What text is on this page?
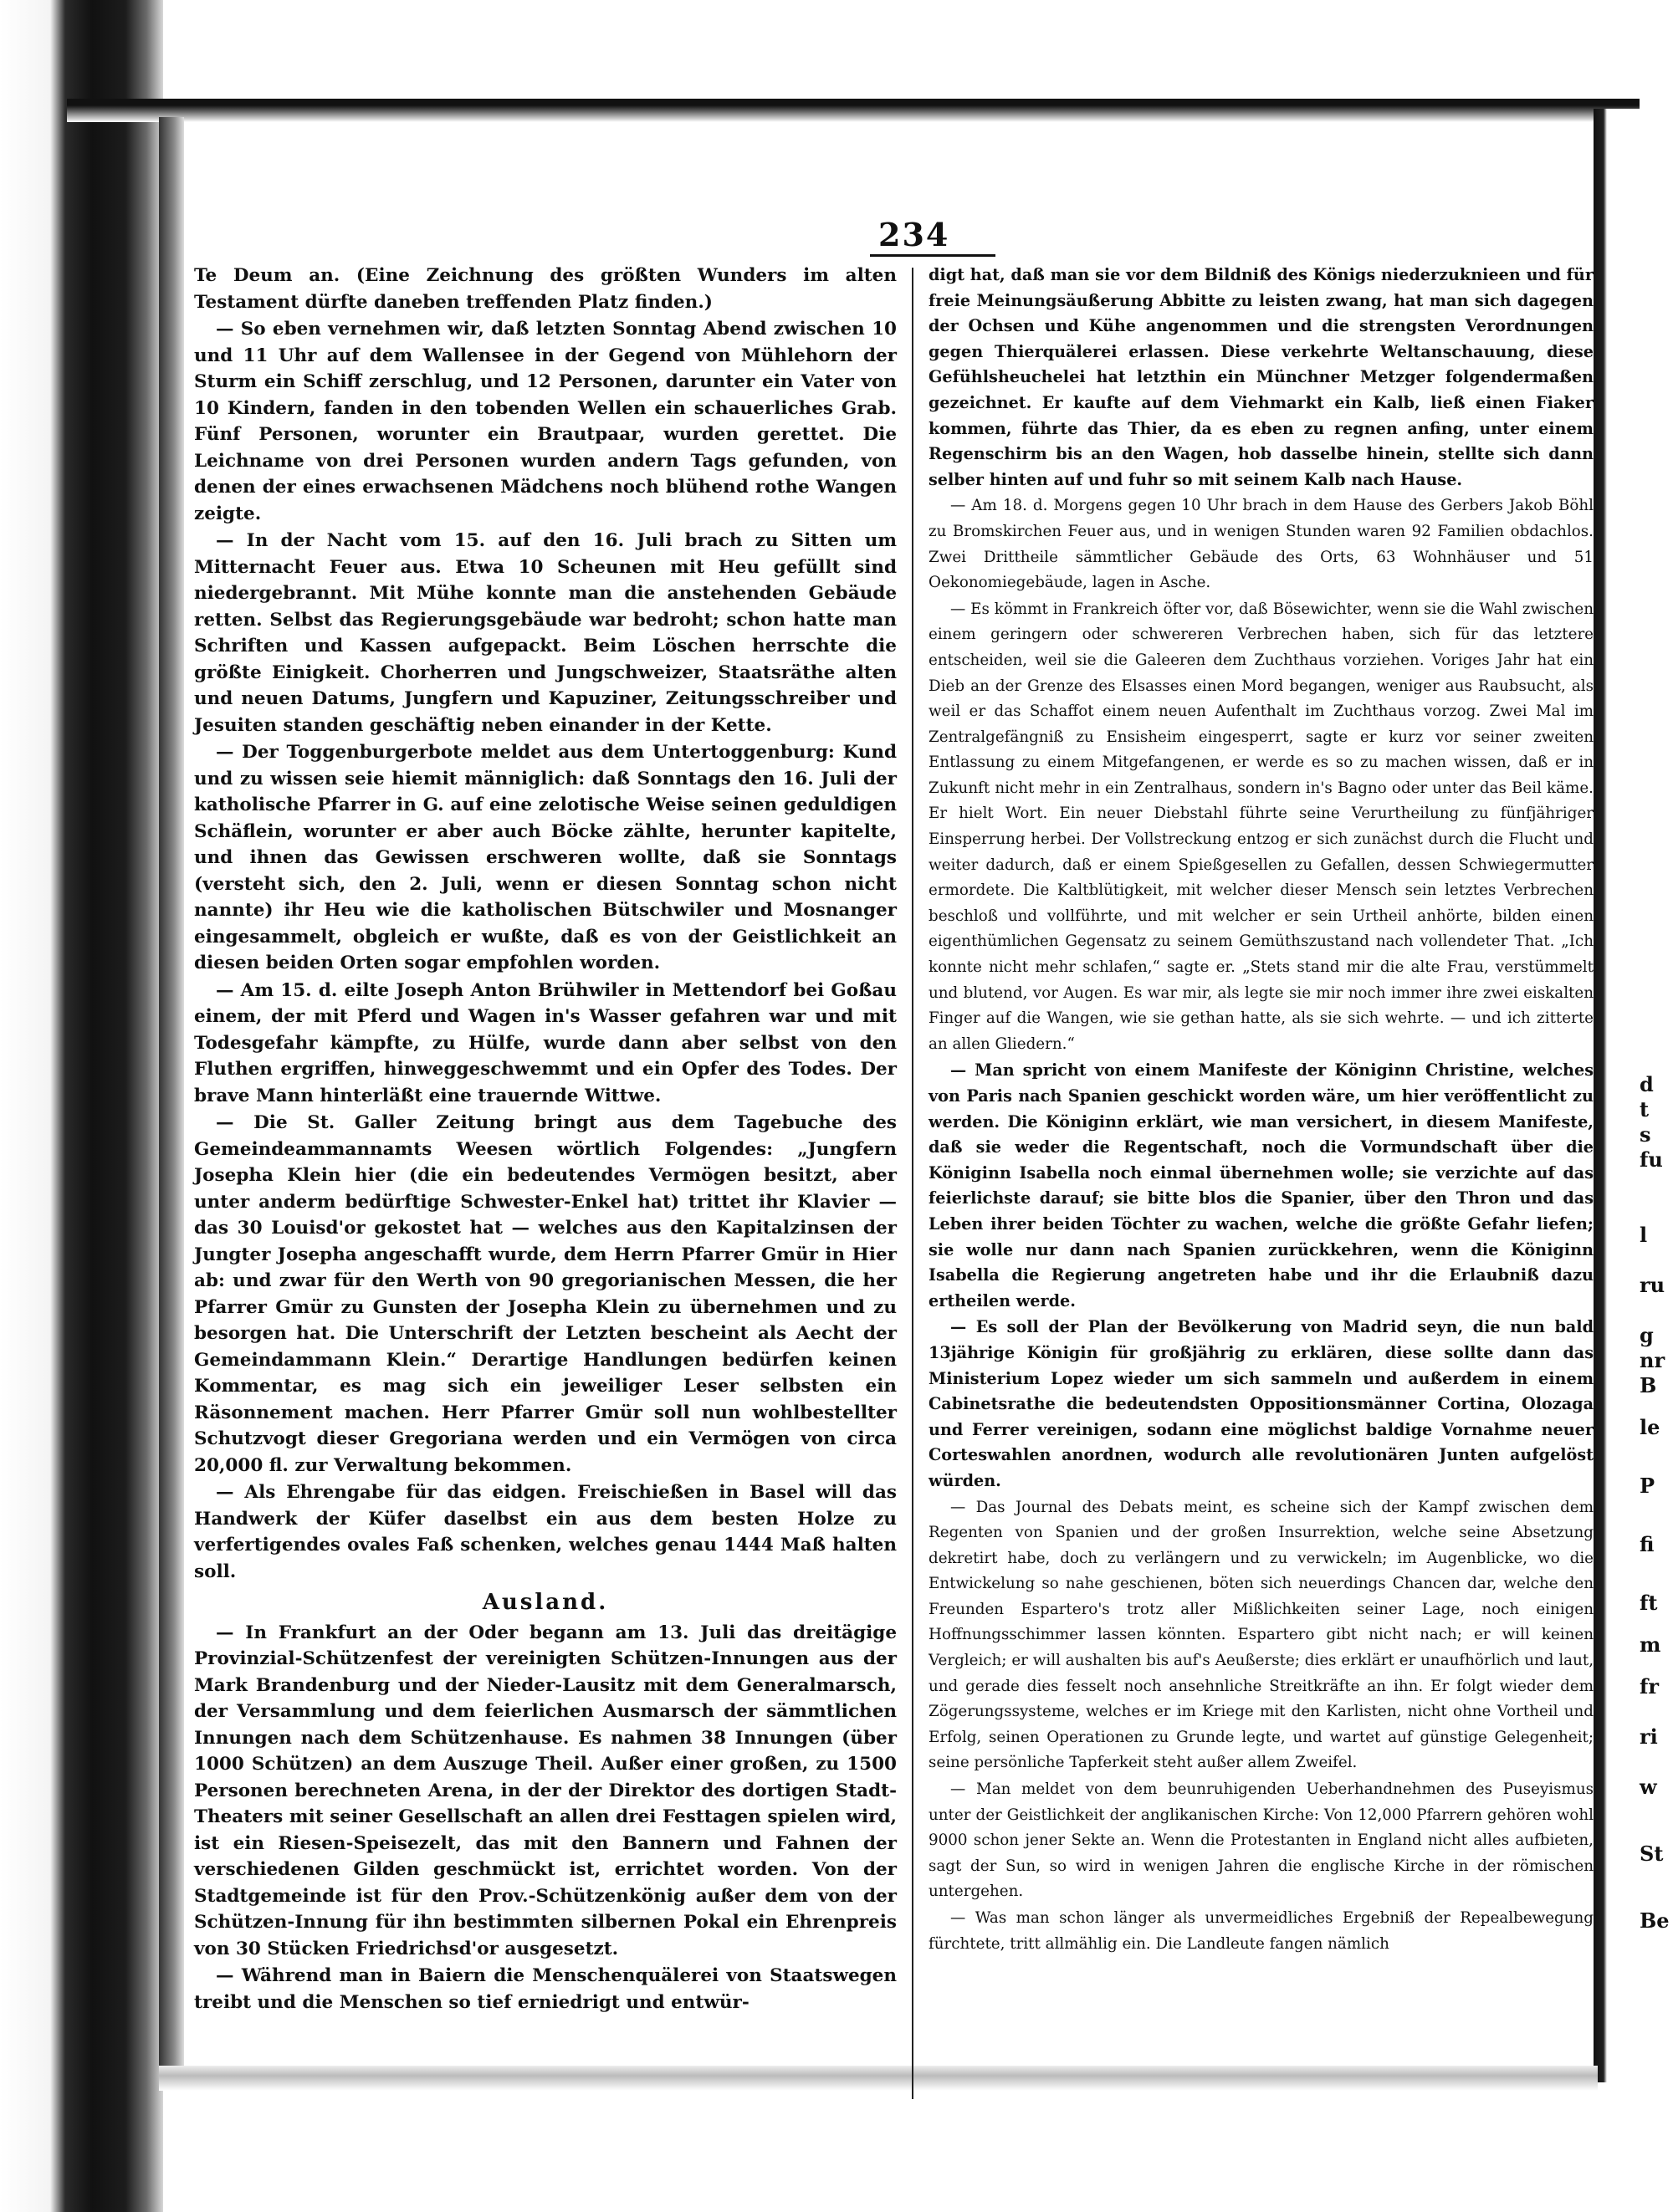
d
t
s
fu
l
ru
g
nr
B
le
P
fi
ft
m
fr
ri
w
St
Be
234

Te Deum an. (Eine Zeichnung des größten Wunders im alten Testament dürfte daneben treffenden Platz finden.)

— So eben vernehmen wir, daß letzten Sonntag Abend zwischen 10 und 11 Uhr auf dem Wallensee in der Gegend von Mühlehorn der Sturm ein Schiff zerschlug, und 12 Personen, darunter ein Vater von 10 Kindern, fanden in den tobenden Wellen ein schauerliches Grab. Fünf Personen, worunter ein Brautpaar, wurden gerettet. Die Leichname von drei Personen wurden andern Tags gefunden, von denen der eines erwachsenen Mädchens noch blühend rothe Wangen zeigte.

— In der Nacht vom 15. auf den 16. Juli brach zu Sitten um Mitternacht Feuer aus. Etwa 10 Scheunen mit Heu gefüllt sind niedergebrannt. Mit Mühe konnte man die anstehenden Gebäude retten. Selbst das Regierungsgebäude war bedroht; schon hatte man Schriften und Kassen aufgepackt. Beim Löschen herrschte die größte Einigkeit. Chorherren und Jungschweizer, Staatsräthe alten und neuen Datums, Jungfern und Kapuziner, Zeitungsschreiber und Jesuiten standen geschäftig neben einander in der Kette.

— Der Toggenburgerbote meldet aus dem Untertoggenburg: Kund und zu wissen seie hiemit männiglich: daß Sonntags den 16. Juli der katholische Pfarrer in G. auf eine zelotische Weise seinen geduldigen Schäflein, worunter er aber auch Böcke zählte, herunter kapitelte, und ihnen das Gewissen erschweren wollte, daß sie Sonntags (versteht sich, den 2. Juli, wenn er diesen Sonntag schon nicht nannte) ihr Heu wie die katholischen Bütschwiler und Mosnanger eingesammelt, obgleich er wußte, daß es von der Geistlichkeit an diesen beiden Orten sogar empfohlen worden.

— Am 15. d. eilte Joseph Anton Brühwiler in Mettendorf bei Goßau einem, der mit Pferd und Wagen in's Wasser gefahren war und mit Todesgefahr kämpfte, zu Hülfe, wurde dann aber selbst von den Fluthen ergriffen, hinweggeschwemmt und ein Opfer des Todes. Der brave Mann hinterläßt eine trauernde Wittwe.

— Die St. Galler Zeitung bringt aus dem Tagebuche des Gemeindeammannamts Weesen wörtlich Folgendes: „Jungfern Josepha Klein hier (die ein bedeutendes Vermögen besitzt, aber unter anderm bedürftige Schwester-Enkel hat) trittet ihr Klavier — das 30 Louisd'or gekostet hat — welches aus den Kapitalzinsen der Jungter Josepha angeschafft wurde, dem Herrn Pfarrer Gmür in Hier ab: und zwar für den Werth von 90 gregorianischen Messen, die her Pfarrer Gmür zu Gunsten der Josepha Klein zu übernehmen und zu besorgen hat. Die Unterschrift der Letzten bescheint als Aecht der Gemeindammann Klein.“ Derartige Handlungen bedürfen keinen Kommentar, es mag sich ein jeweiliger Leser selbsten ein Räsonnement machen. Herr Pfarrer Gmür soll nun wohlbestellter Schutzvogt dieser Gregoriana werden und ein Vermögen von circa 20,000 fl. zur Verwaltung bekommen.

— Als Ehrengabe für das eidgen. Freischießen in Basel will das Handwerk der Küfer daselbst ein aus dem besten Holze zu verfertigendes ovales Faß schenken, welches genau 1444 Maß halten soll.

Ausland.

— In Frankfurt an der Oder begann am 13. Juli das dreitägige Provinzial-Schützenfest der vereinigten Schützen-Innungen aus der Mark Brandenburg und der Nieder-Lausitz mit dem Generalmarsch, der Versammlung und dem feierlichen Ausmarsch der sämmtlichen Innungen nach dem Schützenhause. Es nahmen 38 Innungen (über 1000 Schützen) an dem Auszuge Theil. Außer einer großen, zu 1500 Personen berechneten Arena, in der der Direktor des dortigen Stadt-Theaters mit seiner Gesellschaft an allen drei Festtagen spielen wird, ist ein Riesen-Speisezelt, das mit den Bannern und Fahnen der verschiedenen Gilden geschmückt ist, errichtet worden. Von der Stadtgemeinde ist für den Prov.-Schützenkönig außer dem von der Schützen-Innung für ihn bestimmten silbernen Pokal ein Ehrenpreis von 30 Stücken Friedrichsd'or ausgesetzt.

— Während man in Baiern die Menschenquälerei von Staatswegen treibt und die Menschen so tief erniedrigt und entwür-

digt hat, daß man sie vor dem Bildniß des Königs niederzuknieen und für freie Meinungsäußerung Abbitte zu leisten zwang, hat man sich dagegen der Ochsen und Kühe angenommen und die strengsten Verordnungen gegen Thierquälerei erlassen. Diese verkehrte Weltanschauung, diese Gefühlsheuchelei hat letzthin ein Münchner Metzger folgendermaßen gezeichnet. Er kaufte auf dem Viehmarkt ein Kalb, ließ einen Fiaker kommen, führte das Thier, da es eben zu regnen anfing, unter einem Regenschirm bis an den Wagen, hob dasselbe hinein, stellte sich dann selber hinten auf und fuhr so mit seinem Kalb nach Hause.

— Am 18. d. Morgens gegen 10 Uhr brach in dem Hause des Gerbers Jakob Böhl zu Bromskirchen Feuer aus, und in wenigen Stunden waren 92 Familien obdachlos. Zwei Drittheile sämmtlicher Gebäude des Orts, 63 Wohnhäuser und 51 Oekonomiegebäude, lagen in Asche.

— Es kömmt in Frankreich öfter vor, daß Bösewichter, wenn sie die Wahl zwischen einem geringern oder schwereren Verbrechen haben, sich für das letztere entscheiden, weil sie die Galeeren dem Zuchthaus vorziehen. Voriges Jahr hat ein Dieb an der Grenze des Elsasses einen Mord begangen, weniger aus Raubsucht, als weil er das Schaffot einem neuen Aufenthalt im Zuchthaus vorzog. Zwei Mal im Zentralgefängniß zu Ensisheim eingesperrt, sagte er kurz vor seiner zweiten Entlassung zu einem Mitgefangenen, er werde es so zu machen wissen, daß er in Zukunft nicht mehr in ein Zentralhaus, sondern in's Bagno oder unter das Beil käme. Er hielt Wort. Ein neuer Diebstahl führte seine Verurtheilung zu fünfjähriger Einsperrung herbei. Der Vollstreckung entzog er sich zunächst durch die Flucht und weiter dadurch, daß er einem Spießgesellen zu Gefallen, dessen Schwiegermutter ermordete. Die Kaltblütigkeit, mit welcher dieser Mensch sein letztes Verbrechen beschloß und vollführte, und mit welcher er sein Urtheil anhörte, bilden einen eigenthümlichen Gegensatz zu seinem Gemüthszustand nach vollendeter That. „Ich konnte nicht mehr schlafen,“ sagte er. „Stets stand mir die alte Frau, verstümmelt und blutend, vor Augen. Es war mir, als legte sie mir noch immer ihre zwei eiskalten Finger auf die Wangen, wie sie gethan hatte, als sie sich wehrte. — und ich zitterte an allen Gliedern.“

— Man spricht von einem Manifeste der Königinn Christine, welches von Paris nach Spanien geschickt worden wäre, um hier veröffentlicht zu werden. Die Königinn erklärt, wie man versichert, in diesem Manifeste, daß sie weder die Regentschaft, noch die Vormundschaft über die Königinn Isabella noch einmal übernehmen wolle; sie verzichte auf das feierlichste darauf; sie bitte blos die Spanier, über den Thron und das Leben ihrer beiden Töchter zu wachen, welche die größte Gefahr liefen; sie wolle nur dann nach Spanien zurückkehren, wenn die Königinn Isabella die Regierung angetreten habe und ihr die Erlaubniß dazu ertheilen werde.

— Es soll der Plan der Bevölkerung von Madrid seyn, die nun bald 13jährige Königin für großjährig zu erklären, diese sollte dann das Ministerium Lopez wieder um sich sammeln und außerdem in einem Cabinetsrathe die bedeutendsten Oppositionsmänner Cortina, Olozaga und Ferrer vereinigen, sodann eine möglichst baldige Vornahme neuer Corteswahlen anordnen, wodurch alle revolutionären Junten aufgelöst würden.

— Das Journal des Debats meint, es scheine sich der Kampf zwischen dem Regenten von Spanien und der großen Insurrektion, welche seine Absetzung dekretirt habe, doch zu verlängern und zu verwickeln; im Augenblicke, wo die Entwickelung so nahe geschienen, böten sich neuerdings Chancen dar, welche den Freunden Espartero's trotz aller Mißlichkeiten seiner Lage, noch einigen Hoffnungsschimmer lassen könnten. Espartero gibt nicht nach; er will keinen Vergleich; er will aushalten bis auf's Aeußerste; dies erklärt er unaufhörlich und laut, und gerade dies fesselt noch ansehnliche Streitkräfte an ihn. Er folgt wieder dem Zögerungssysteme, welches er im Kriege mit den Karlisten, nicht ohne Vortheil und Erfolg, seinen Operationen zu Grunde legte, und wartet auf günstige Gelegenheit; seine persönliche Tapferkeit steht außer allem Zweifel.

— Man meldet von dem beunruhigenden Ueberhandnehmen des Puseyismus unter der Geistlichkeit der anglikanischen Kirche: Von 12,000 Pfarrern gehören wohl 9000 schon jener Sekte an. Wenn die Protestanten in England nicht alles aufbieten, sagt der Sun, so wird in wenigen Jahren die englische Kirche in der römischen untergehen.

— Was man schon länger als unvermeidliches Ergebniß der Repealbewegung fürchtete, tritt allmählig ein. Die Landleute fangen nämlich
